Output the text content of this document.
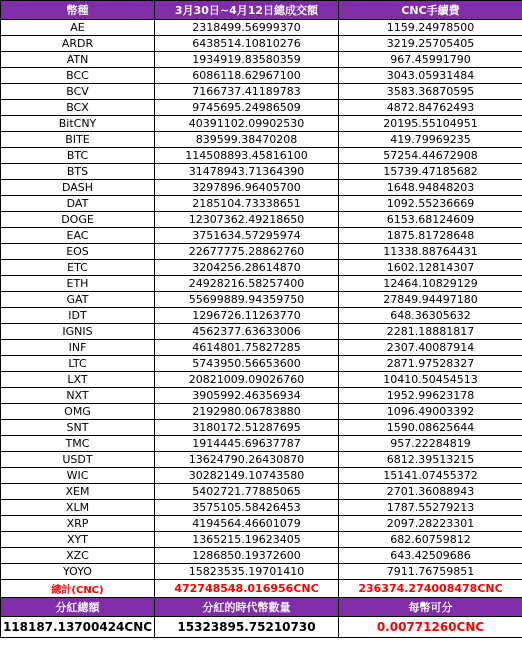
幣種	3月30日~4月12日總成交額	CNC手續費
AE	2318499.56999370	1159.24978500
ARDR	6438514.10810276	3219.25705405
ATN	1934919.83580359	967.45991790
BCC	6086118.62967100	3043.05931484
BCV	7166737.41189783	3583.36870595
BCX	9745695.24986509	4872.84762493
BitCNY	40391102.09902530	20195.55104951
BITE	839599.38470208	419.79969235
BTC	114508893.45816100	57254.44672908
BTS	31478943.71364390	15739.47185682
DASH	3297896.96405700	1648.94848203
DAT	2185104.73338651	1092.55236669
DOGE	12307362.49218650	6153.68124609
EAC	3751634.57295974	1875.81728648
EOS	22677775.28862760	11338.88764431
ETC	3204256.28614870	1602.12814307
ETH	24928216.58257400	12464.10829129
GAT	55699889.94359750	27849.94497180
IDT	1296726.11263770	648.36305632
IGNIS	4562377.63633006	2281.18881817
INF	4614801.75827285	2307.40087914
LTC	5743950.56653600	2871.97528327
LXT	20821009.09026760	10410.50454513
NXT	3905992.46356934	1952.99623178
OMG	2192980.06783880	1096.49003392
SNT	3180172.51287695	1590.08625644
TMC	1914445.69637787	957.22284819
USDT	13624790.26430870	6812.39513215
WIC	30282149.10743580	15141.07455372
XEM	5402721.77885065	2701.36088943
XLM	3575105.58426453	1787.55279213
XRP	4194564.46601079	2097.28223301
XYT	1365215.19623405	682.60759812
XZC	1286850.19372600	643.42509686
YOYO	15823535.19701410	7911.76759851
總計(CNC)	472748548.016956CNC	236374.274008478CNC
分紅總額	分紅的時代幣數量	每幣可分
118187.13700424CNC	15323895.75210730	0.00771260CNC
